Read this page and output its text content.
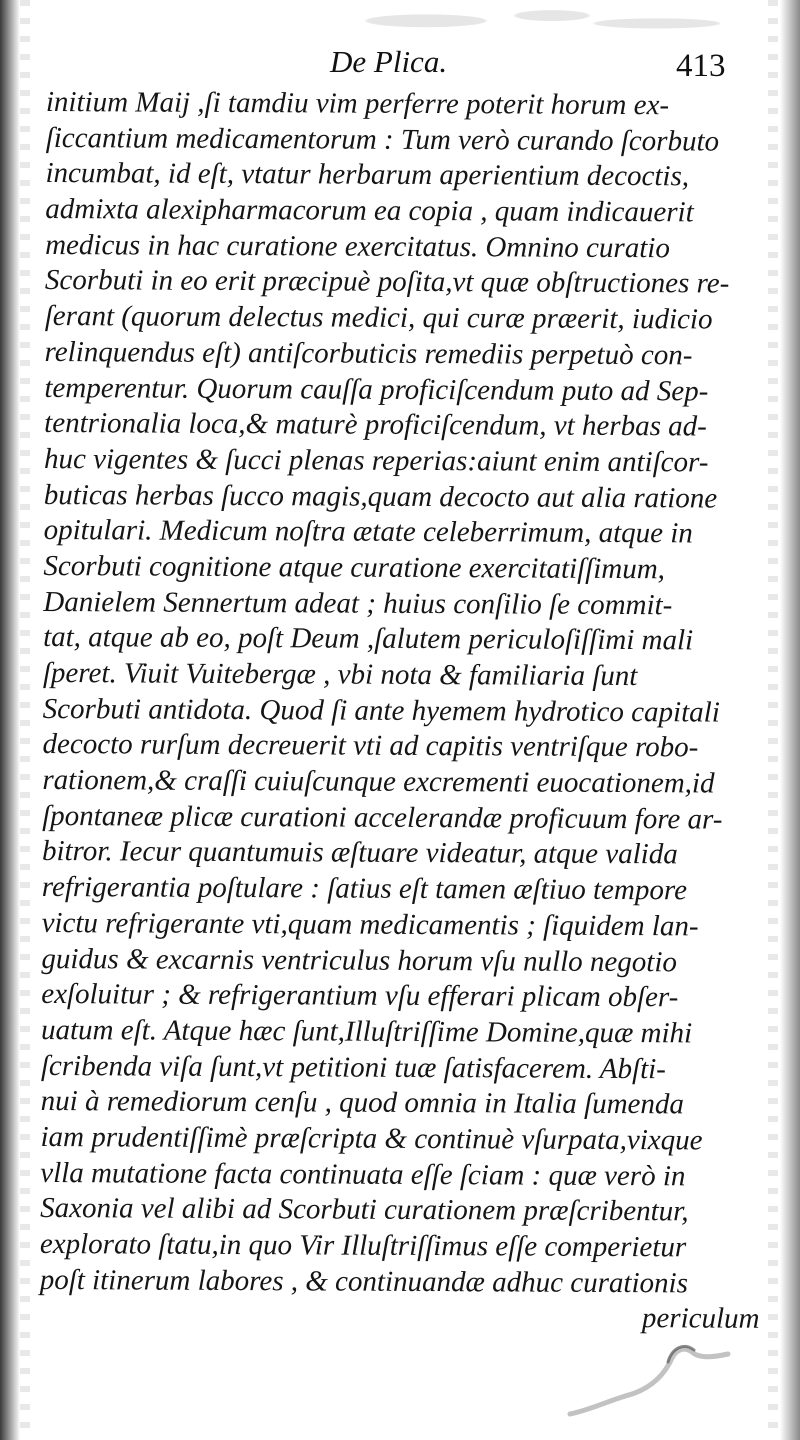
De Plica.	413
initium Maij ,ſi tamdiu vim perferre poterit horum ex-
ſiccantium medicamentorum : Tum verò curando ſcorbuto
incumbat, id eſt, vtatur herbarum aperientium decoctis,
admixta alexipharmacorum ea copia , quam indicauerit
medicus in hac curatione exercitatus. Omnino curatio
Scorbuti in eo erit præcipuè poſita,vt quæ obſtructiones re-
ſerant (quorum delectus medici, qui curæ præerit, iudicio
relinquendus eſt) antiſcorbuticis remediis perpetuò con-
temperentur. Quorum cauſſa proficiſcendum puto ad Sep-
tentrionalia loca,& maturè proficiſcendum, vt herbas ad-
huc vigentes & ſucci plenas reperias:aiunt enim antiſcor-
buticas herbas ſucco magis,quam decocto aut alia ratione
opitulari. Medicum noſtra ætate celeberrimum, atque in
Scorbuti cognitione atque curatione exercitatiſſimum,
Danielem Sennertum adeat ; huius conſilio ſe commit-
tat, atque ab eo, poſt Deum ,ſalutem periculoſiſſimi mali
ſperet. Viuit Vuitebergæ , vbi nota & familiaria ſunt
Scorbuti antidota. Quod ſi ante hyemem hydrotico capitali
decocto rurſum decreuerit vti ad capitis ventriſque robo-
rationem,& craſſi cuiuſcunque excrementi euocationem,id
ſpontaneæ plicæ curationi accelerandæ proficuum fore ar-
bitror. Iecur quantumuis æſtuare videatur, atque valida
refrigerantia poſtulare : ſatius eſt tamen æſtiuo tempore
victu refrigerante vti,quam medicamentis ; ſiquidem lan-
guidus & excarnis ventriculus horum vſu nullo negotio
exſoluitur ; & refrigerantium vſu efferari plicam obſer-
uatum eſt. Atque hæc ſunt,Illuſtriſſime Domine,quæ mihi
ſcribenda viſa ſunt,vt petitioni tuæ ſatisfacerem. Abſti-
nui à remediorum cenſu , quod omnia in Italia ſumenda
iam prudentiſſimè præſcripta & continuè vſurpata,vixque
vlla mutatione facta continuata eſſe ſciam : quæ verò in
Saxonia vel alibi ad Scorbuti curationem præſcribentur,
explorato ſtatu,in quo Vir Illuſtriſſimus eſſe comperietur
poſt itinerum labores , & continuandæ adhuc curationis
periculum
